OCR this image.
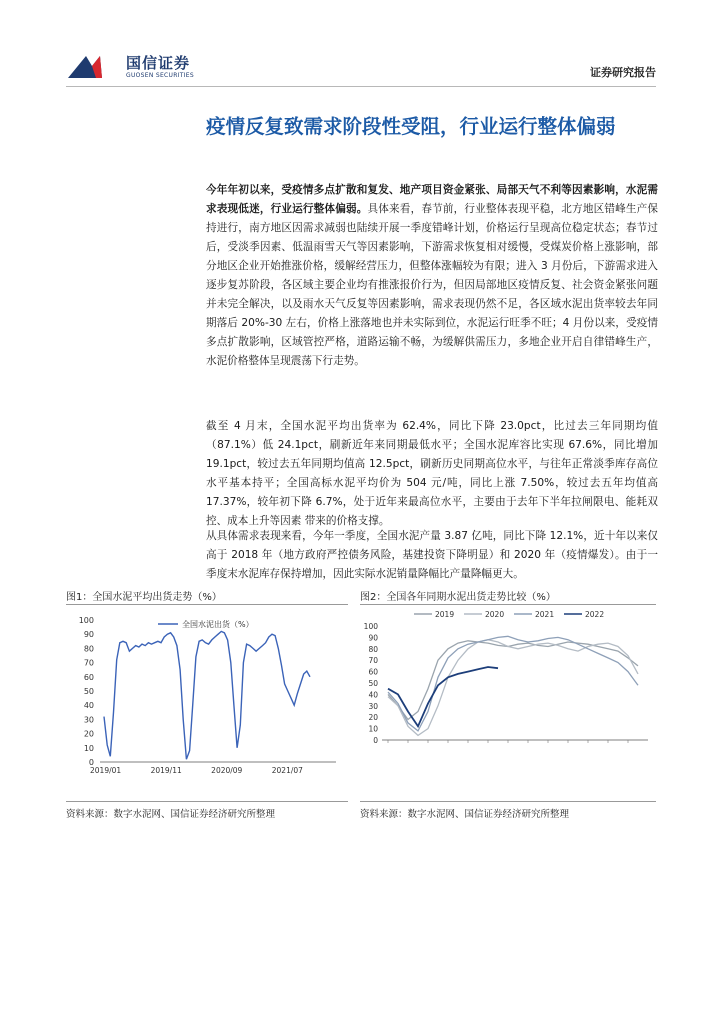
国信证券
GUOSEN SECURITIES	证券研究报告
疫情反复致需求阶段性受阻，行业运行整体偏弱
今年年初以来，受疫情多点扩散和复发、地产项目资金紧张、局部天气不利等因素影响，水泥需求表现低迷，行业运行整体偏弱。具体来看，春节前，行业整体表现平稳，北方地区错峰生产保持进行，南方地区因需求减弱也陆续开展一季度错峰计划，价格运行呈现高位稳定状态；春节过后，受淡季因素、低温雨雪天气等因素影响，下游需求恢复相对缓慢，受煤炭价格上涨影响，部分地区企业开始推涨价格，缓解经营压力，但整体涨幅较为有限；进入 3 月份后，下游需求进入逐步复苏阶段，各区域主要企业均有推涨报价行为，但因局部地区疫情反复、社会资金紧张问题并未完全解决，以及雨水天气反复等因素影响，需求表现仍然不足，各区域水泥出货率较去年同期落后 20%-30 左右，价格上涨落地也并未实际到位，水泥运行旺季不旺；4 月份以来，受疫情多点扩散影响，区域管控严格，道路运输不畅，为缓解供需压力，多地企业开启自律错峰生产，水泥价格整体呈现震荡下行走势。
截至 4 月末，全国水泥平均出货率为 62.4%，同比下降 23.0pct，比过去三年同期均值（87.1%）低 24.1pct，刷新近年来同期最低水平；全国水泥库容比实现 67.6%，同比增加 19.1pct，较过去五年同期均值高 12.5pct，刷新历史同期高位水平，与往年正常淡季库存高位水平基本持平；全国高标水泥平均价为 504 元/吨，同比上涨 7.50%，较过去五年均值高 17.37%，较年初下降 6.7%，处于近年来最高位水平，主要由于去年下半年拉闸限电、能耗双控、成本上升等因素 带来的价格支撑。
从具体需求表现来看，今年一季度，全国水泥产量 3.87 亿吨，同比下降 12.1%，近十年以来仅高于 2018 年（地方政府严控债务风险，基建投资下降明显）和 2020 年（疫情爆发）。由于一季度末水泥库存保持增加，因此实际水泥销量降幅比产量降幅更大。
图1：全国水泥平均出货走势（%）
0
10
20
30
40
50
60
70
80
90
100
2019/01	2019/11	2020/09	2021/07
全国水泥出货（%）
资料来源：数字水泥网、国信证券经济研究所整理
图2：全国各年同期水泥出货走势比较（%）
0
10
20
30
40
50
60
70
80
90
100
2019	2020	2021	2022
资料来源：数字水泥网、国信证券经济研究所整理
